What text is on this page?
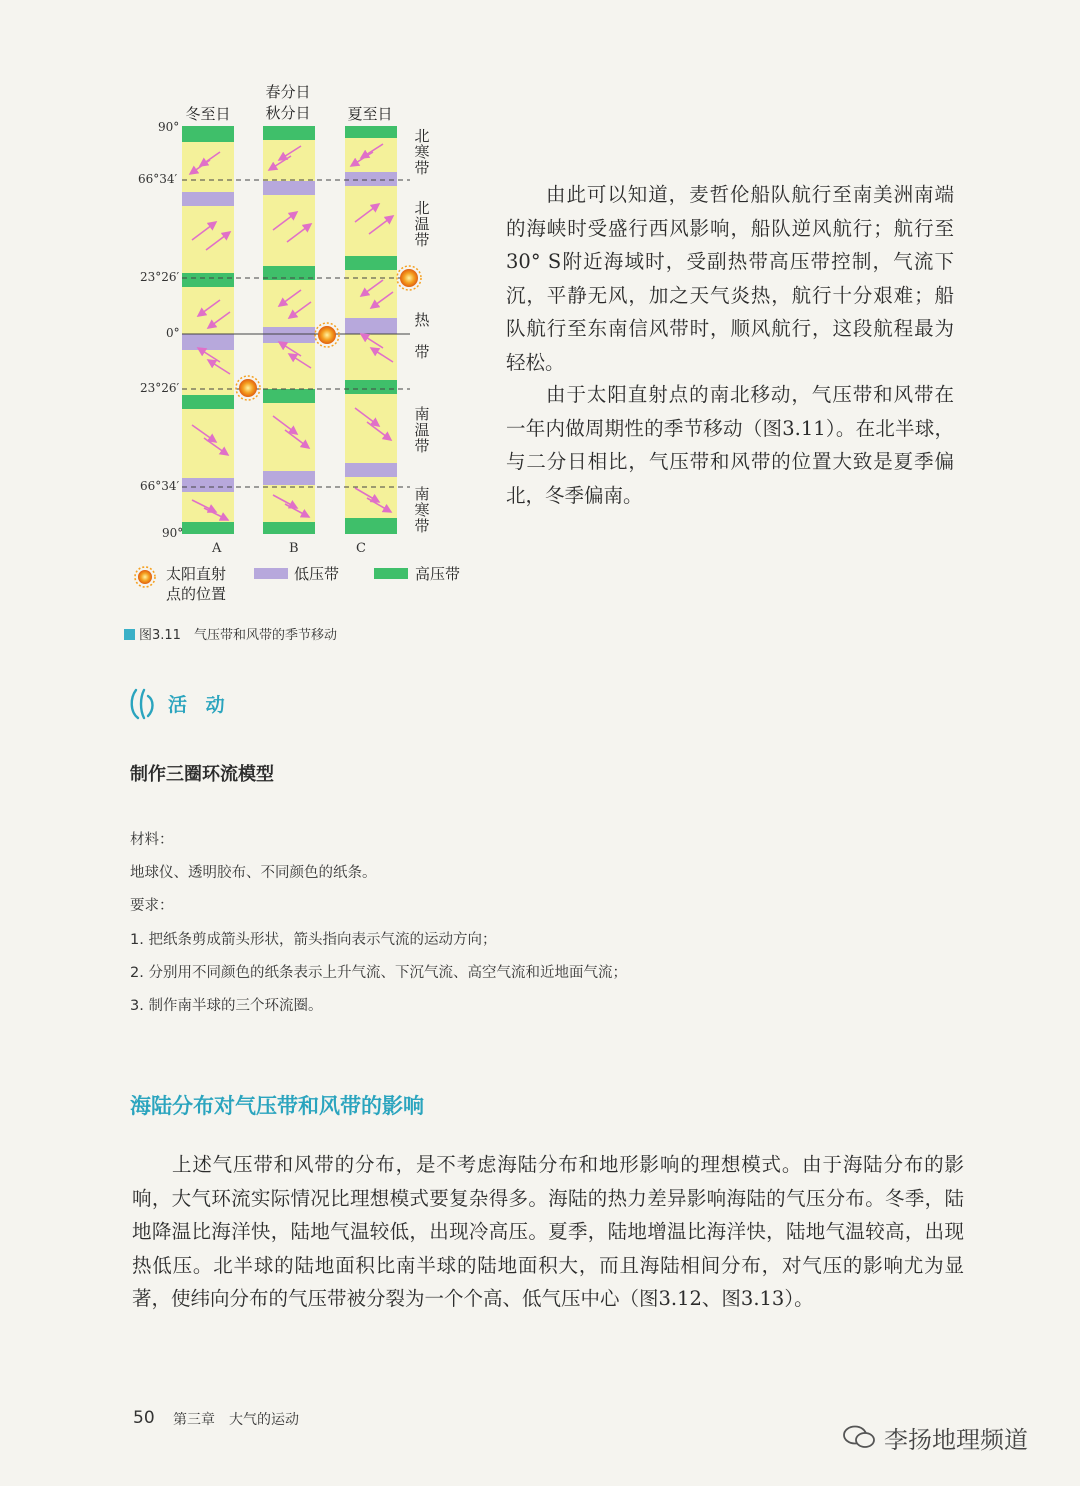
冬至日
春分日
秋分日	夏至日
90°
66°34′
23°26′
0°
23°26′
66°34′
90°
北寒带
北温带
热
带
南温带
南寒带
A	B	C
太阳直射
点的位置
低压带	高压带
图3.11　气压带和风带的季节移动
由此可以知道，麦哲伦船队航行至南美洲南端的海峡时受盛行西风影响，船队逆风航行；航行至30° S附近海域时，受副热带高压带控制，气流下沉，平静无风，加之天气炎热，航行十分艰难；船队航行至东南信风带时，顺风航行，这段航程最为轻松。
由于太阳直射点的南北移动，气压带和风带在一年内做周期性的季节移动（图3.11）。在北半球，与二分日相比，气压带和风带的位置大致是夏季偏北，冬季偏南。
活 动
制作三圈环流模型
材料：
地球仪、透明胶布、不同颜色的纸条。
要求：
1. 把纸条剪成箭头形状，箭头指向表示气流的运动方向；
2. 分别用不同颜色的纸条表示上升气流、下沉气流、高空气流和近地面气流；
3. 制作南半球的三个环流圈。
海陆分布对气压带和风带的影响
上述气压带和风带的分布，是不考虑海陆分布和地形影响的理想模式。由于海陆分布的影响，大气环流实际情况比理想模式要复杂得多。海陆的热力差异影响海陆的气压分布。冬季，陆地降温比海洋快，陆地气温较低，出现冷高压。夏季，陆地增温比海洋快，陆地气温较高，出现热低压。北半球的陆地面积比南半球的陆地面积大，而且海陆相间分布，对气压的影响尤为显著，使纬向分布的气压带被分裂为一个个高、低气压中心（图3.12、图3.13）。
50 第三章　大气的运动
李扬地理频道
